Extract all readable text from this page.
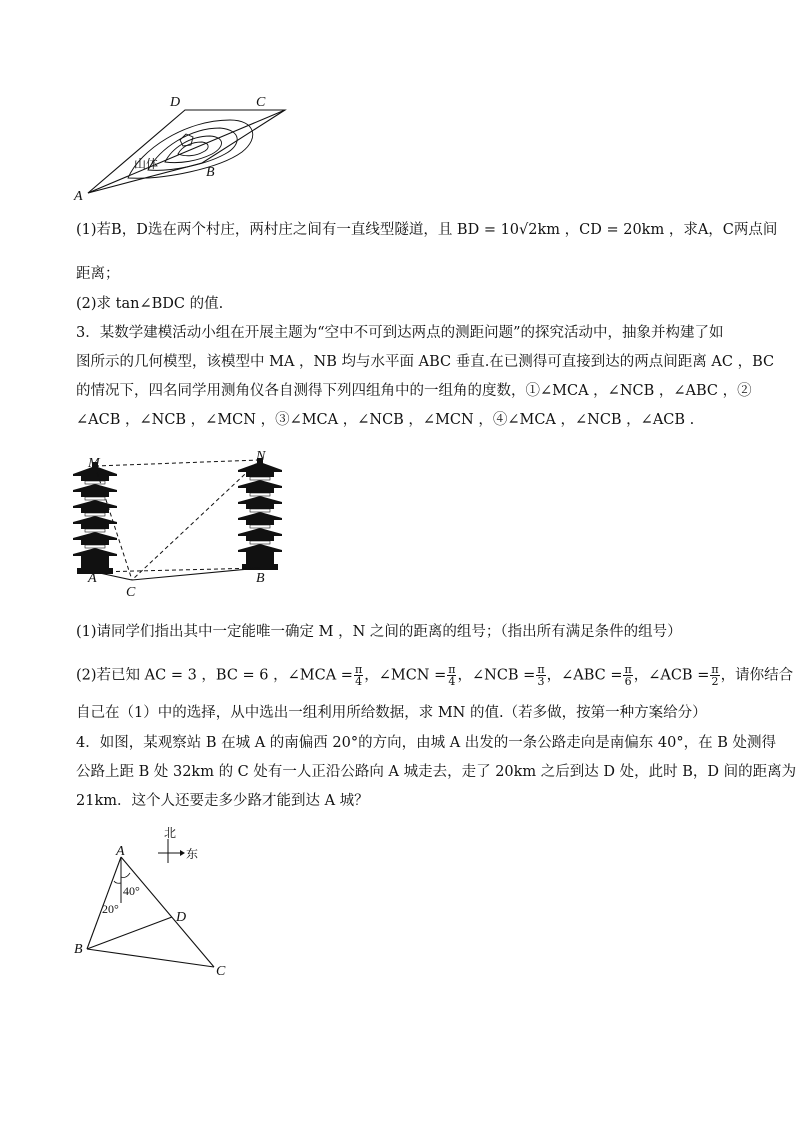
D	C
A
B
山体
(1)若B，D选在两个村庄，两村庄之间有一直线型隧道，且 BD = 10√2km ，CD = 20km ，求A，C两点间
距离；
(2)求 tan∠BDC 的值.
3．某数学建模活动小组在开展主题为“空中不可到达两点的测距问题”的探究活动中，抽象并构建了如
图所示的几何模型，该模型中 MA ，NB 均与水平面 ABC 垂直.在已测得可直接到达的两点间距离 AC ，BC
的情况下，四名同学用测角仪各自测得下列四组角中的一组角的度数，①∠MCA ，∠NCB ，∠ABC ，②
∠ACB ，∠NCB ，∠MCN ，③∠MCA ，∠NCB ，∠MCN ，④∠MCA ，∠NCB ，∠ACB .
M	N
A	B
C
(1)请同学们指出其中一定能唯一确定 M ，N 之间的距离的组号；（指出所有满足条件的组号）
(2)若已知 AC = 3 ，BC = 6 ，∠MCA = $\frac{\pi}{4}$ ，∠MCN = $\frac{\pi}{4}$ ，∠NCB = $\frac{\pi}{3}$ ，∠ABC = $\frac{\pi}{6}$ ，∠ACB = $\frac{\pi}{2}$ ，请你结合
自己在（1）中的选择，从中选出一组利用所给数据，求 MN 的值.（若多做，按第一种方案给分）
4．如图，某观察站 B 在城 A 的南偏西 20°的方向，由城 A 出发的一条公路走向是南偏东 40°，在 B 处测得
公路上距 B 处 32km 的 C 处有一人正沿公路向 A 城走去，走了 20km 之后到达 D 处，此时 B，D 间的距离为
21km．这个人还要走多少路才能到达 A 城？
北
东
A
B
C
D
40°
20°
